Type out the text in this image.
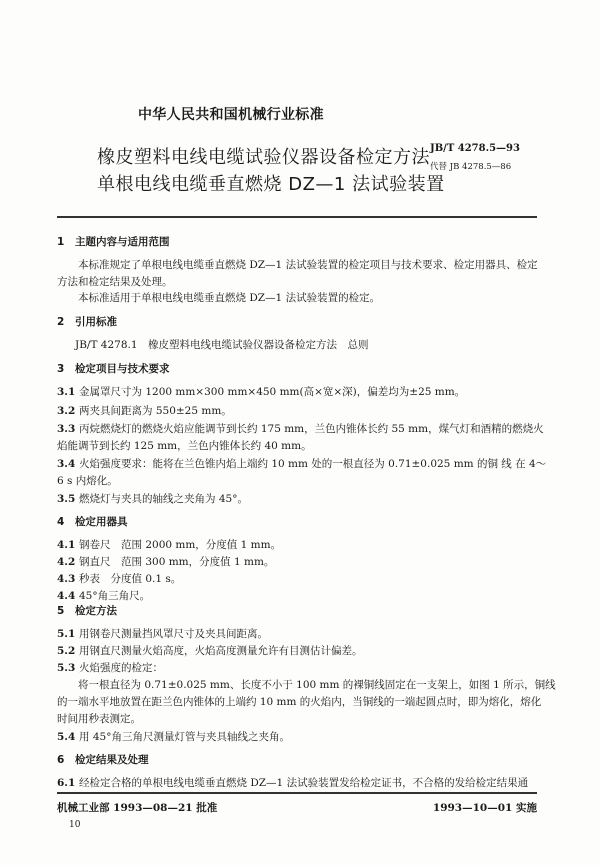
中华人民共和国机械行业标准
橡皮塑料电线电缆试验仪器设备检定方法
单根电线电缆垂直燃烧 DZ—1 法试验装置
JB/T 4278.5—93
代替 JB 4278.5—86
1 主题内容与适用范围
本标准规定了单根电线电缆垂直燃烧 DZ—1 法试验装置的检定项目与技术要求、检定用器具、检定
方法和检定结果及处理。
本标准适用于单根电线电缆垂直燃烧 DZ—1 法试验装置的检定。
2 引用标准
JB/T 4278.1　橡皮塑料电线电缆试验仪器设备检定方法　总则
3 检定项目与技术要求
3.1 金属罩尺寸为 1200 mm×300 mm×450 mm(高×宽×深)，偏差均为±25 mm。
3.2 两夹具间距离为 550±25 mm。
3.3 丙烷燃烧灯的燃烧火焰应能调节到长约 175 mm，兰色内锥体长约 55 mm，煤气灯和酒精的燃烧火
焰能调节到长约 125 mm，兰色内锥体长约 40 mm。
3.4 火焰强度要求：能将在兰色锥内焰上端约 10 mm 处的一根直径为 0.71±0.025 mm 的铜 线 在 4～
6 s 内熔化。
3.5 燃烧灯与夹具的轴线之夹角为 45°。
4 检定用器具
4.1 钢卷尺　范围 2000 mm，分度值 1 mm。
4.2 钢直尺　范围 300 mm，分度值 1 mm。
4.3 秒表　分度值 0.1 s。
4.4 45°角三角尺。
5 检定方法
5.1 用钢卷尺测量挡风罩尺寸及夹具间距离。
5.2 用钢直尺测量火焰高度，火焰高度测量允许有目测估计偏差。
5.3 火焰强度的检定：
将一根直径为 0.71±0.025 mm、长度不小于 100 mm 的裸铜线固定在一支架上，如图 1 所示，铜线
的一端水平地放置在距兰色内锥体的上端约 10 mm 的火焰内，当铜线的一端起圆点时，即为熔化，熔化
时间用秒表测定。
5.4 用 45°角三角尺测量灯管与夹具轴线之夹角。
6 检定结果及处理
6.1 经检定合格的单根电线电缆垂直燃烧 DZ—1 法试验装置发给检定证书，不合格的发给检定结果通
机械工业部 1993—08—21 批准	1993—10—01 实施
10
